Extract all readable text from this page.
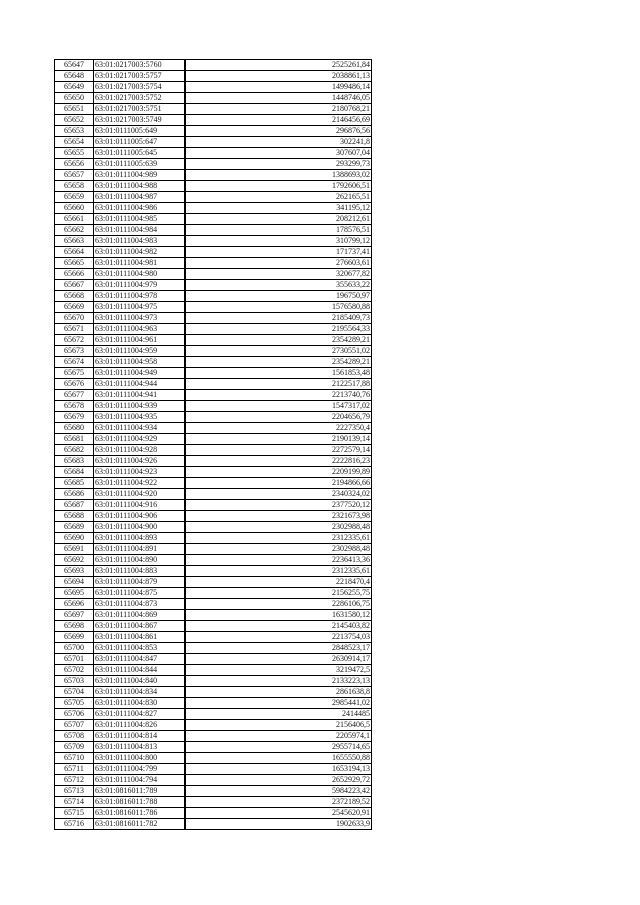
65647	63:01:0217003:5760	2525261,84
65648	63:01:0217003:5757	2038861,13
65649	63:01:0217003:5754	1499486,14
65650	63:01:0217003:5752	1448746,05
65651	63:01:0217003:5751	2180768,21
65652	63:01:0217003:5749	2146456,69
65653	63:01:0111005:649	296876,56
65654	63:01:0111005:647	302241,8
65655	63:01:0111005:645	307607,04
65656	63:01:0111005:639	293299,73
65657	63:01:0111004:989	1388693,02
65658	63:01:0111004:988	1792606,51
65659	63:01:0111004:987	262165,51
65660	63:01:0111004:986	341195,12
65661	63:01:0111004:985	208212,61
65662	63:01:0111004:984	178576,51
65663	63:01:0111004:983	310799,12
65664	63:01:0111004:982	171737,41
65665	63:01:0111004:981	276603,61
65666	63:01:0111004:980	320677,82
65667	63:01:0111004:979	355633,22
65668	63:01:0111004:978	196750,97
65669	63:01:0111004:975	1576580,88
65670	63:01:0111004:973	2185409,73
65671	63:01:0111004:963	2195564,33
65672	63:01:0111004:961	2354289,21
65673	63:01:0111004:959	2730551,02
65674	63:01:0111004:958	2354289,21
65675	63:01:0111004:949	1561853,48
65676	63:01:0111004:944	2122517,88
65677	63:01:0111004:941	2213740,76
65678	63:01:0111004:939	1547317,02
65679	63:01:0111004:935	2204656,79
65680	63:01:0111004:934	2227350,4
65681	63:01:0111004:929	2190139,14
65682	63:01:0111004:928	2272579,14
65683	63:01:0111004:926	2222816,23
65684	63:01:0111004:923	2209199,89
65685	63:01:0111004:922	2194866,66
65686	63:01:0111004:920	2340324,02
65687	63:01:0111004:916	2377520,12
65688	63:01:0111004:906	2321673,98
65689	63:01:0111004:900	2302988,48
65690	63:01:0111004:893	2312335,61
65691	63:01:0111004:891	2302988,48
65692	63:01:0111004:890	2236413,36
65693	63:01:0111004:883	2312335,61
65694	63:01:0111004:879	2218470,4
65695	63:01:0111004:875	2156255,75
65696	63:01:0111004:873	2286106,75
65697	63:01:0111004:869	1631580,12
65698	63:01:0111004:867	2145403,82
65699	63:01:0111004:861	2213754,03
65700	63:01:0111004:853	2848523,17
65701	63:01:0111004:847	2630914,17
65702	63:01:0111004:844	3219472,5
65703	63:01:0111004:840	2133223,13
65704	63:01:0111004:834	2861638,8
65705	63:01:0111004:830	2985441,02
65706	63:01:0111004:827	2414485
65707	63:01:0111004:826	2156406,5
65708	63:01:0111004:814	2205974,1
65709	63:01:0111004:813	2955714,65
65710	63:01:0111004:800	1655550,88
65711	63:01:0111004:799	1653194,13
65712	63:01:0111004:794	2652929,72
65713	63:01:0816011:789	5984223,42
65714	63:01:0816011:788	2372189,52
65715	63:01:0816011:786	2545620,91
65716	63:01:0816011:782	1902633,9
